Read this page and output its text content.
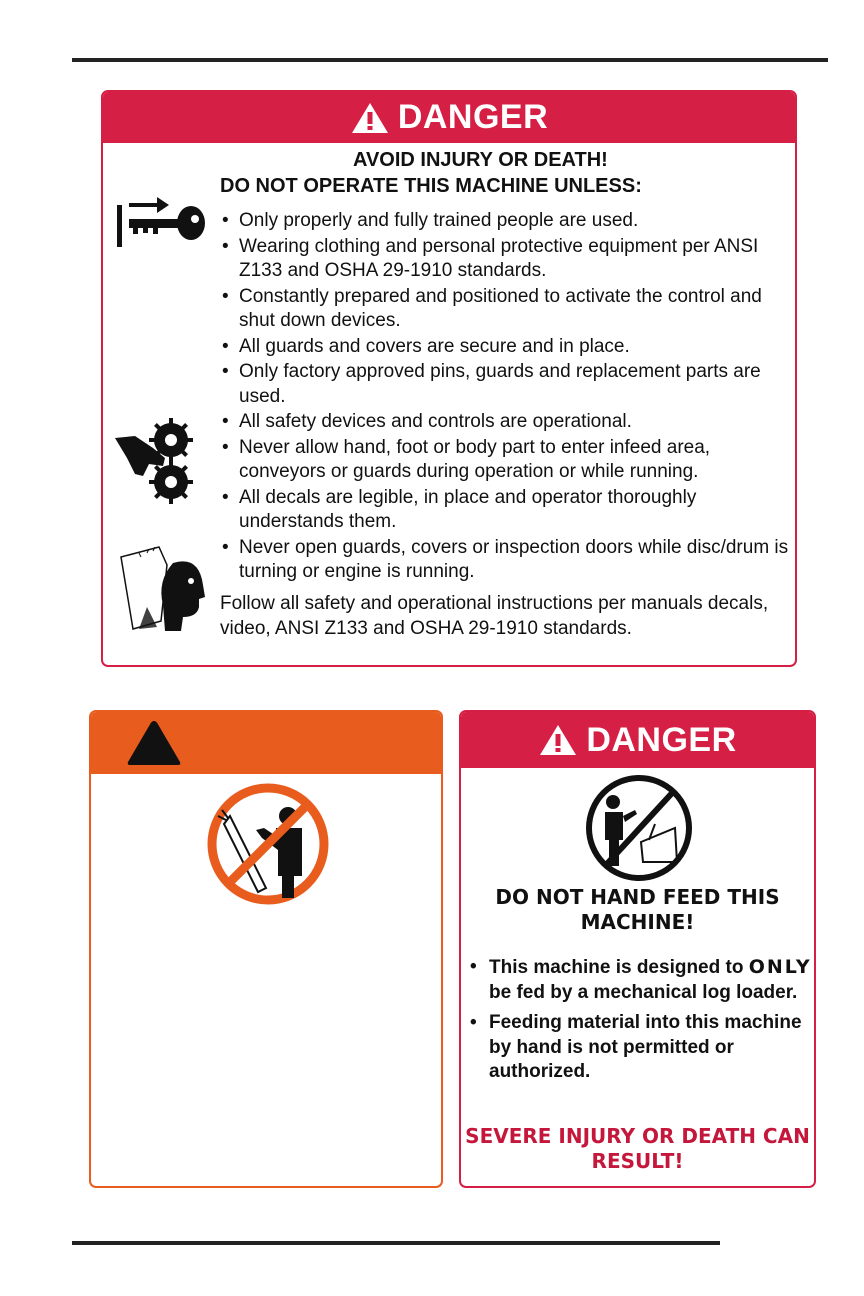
DANGER
AVOID INJURY OR DEATH!
DO NOT OPERATE THIS MACHINE UNLESS:
• Only properly and fully trained people are used.
• Wearing clothing and personal protective equipment per ANSI Z133 and OSHA 29-1910 standards.
• Constantly prepared and positioned to activate the control and shut down devices.
• All guards and covers are secure and in place.
• Only factory approved pins, guards and replacement parts are used.
• All safety devices and controls are operational.
• Never allow hand, foot or body part to enter infeed area, conveyors or guards during operation or while running.
• All decals are legible, in place and operator thoroughly understands them.
• Never open guards, covers or inspection doors while disc/drum is turning or engine is running.
Follow all safety and operational instructions per manuals decals, video, ANSI Z133 and OSHA 29-1910 standards.
DANGER
DO NOT HAND FEED THIS MACHINE!
• This machine is designed to ONLY be fed by a mechanical log loader.
• Feeding material into this machine by hand is not permitted or authorized.
SEVERE INJURY OR DEATH CAN RESULT!
